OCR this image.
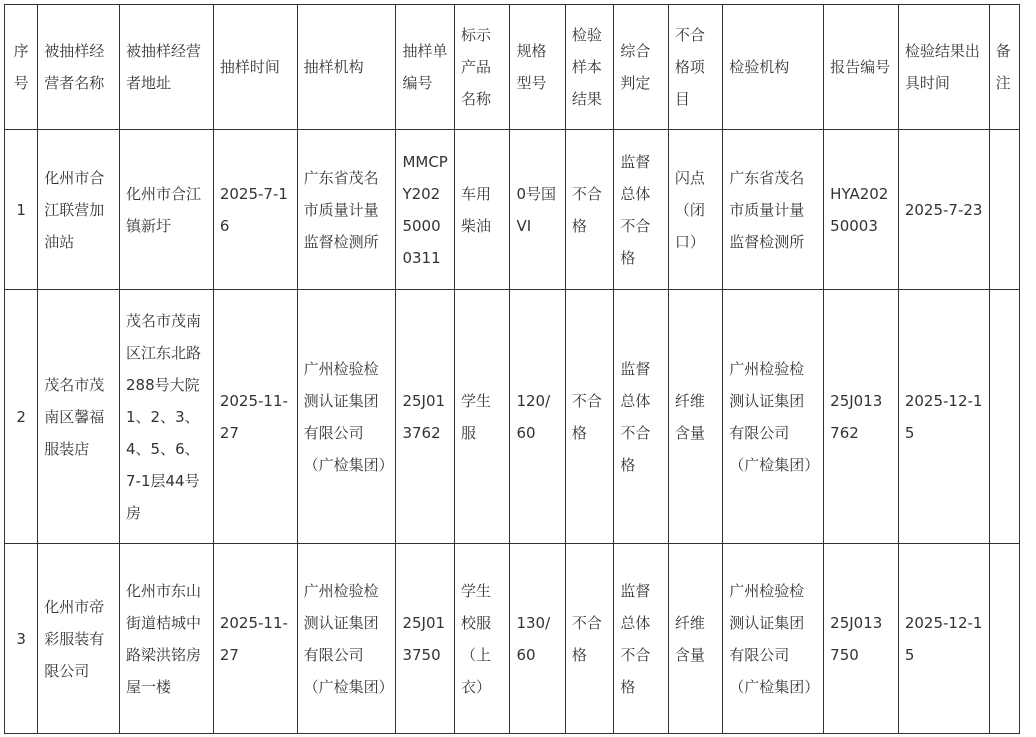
序号	被抽样经营者名称	被抽样经营者地址	抽样时间	抽样机构	抽样单编号	标示产品名称	规格型号	检验样本结果	综合判定	不合格项目	检验机构	报告编号	检验结果出具时间	备注
1	化州市合江联营加油站	化州市合江镇新圩	2025-7-16	广东省茂名市质量计量监督检测所	MMCPY20250000311	车用柴油	0号国VI	不合格	监督总体不合格	闪点（闭口）	广东省茂名市质量计量监督检测所	HYA20250003	2025-7-23	
2	茂名市茂南区馨福服装店	茂名市茂南区江东北路288号大院1、2、3、4、5、6、7-1层44号房	2025-11-27	广州检验检测认证集团有限公司（广检集团）	25J013762	学生服	120/60	不合格	监督总体不合格	纤维含量	广州检验检测认证集团有限公司（广检集团）	25J013762	2025-12-15	
3	化州市帝彩服装有限公司	化州市东山街道桔城中路梁洪铭房屋一楼	2025-11-27	广州检验检测认证集团有限公司（广检集团）	25J013750	学生校服（上衣）	130/60	不合格	监督总体不合格	纤维含量	广州检验检测认证集团有限公司（广检集团）	25J013750	2025-12-15	
